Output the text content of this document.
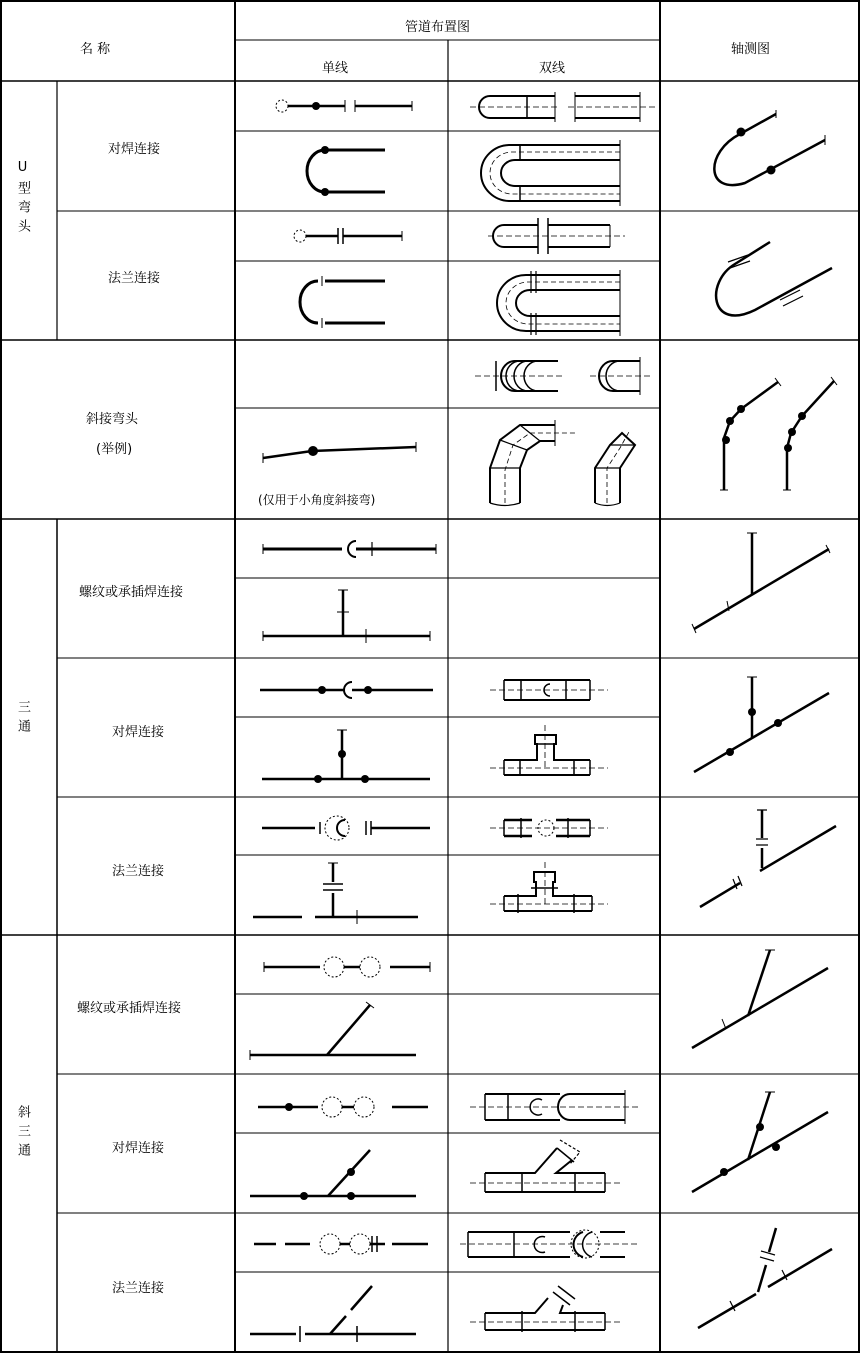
名 称
管道布置图
单线	双线
轴测图
U型弯头
对焊连接
法兰连接
斜接弯头
(举例)
(仅用于小角度斜接弯)
三通
螺纹或承插焊连接
对焊连接
法兰连接
斜三通
螺纹或承插焊连接
对焊连接
法兰连接
